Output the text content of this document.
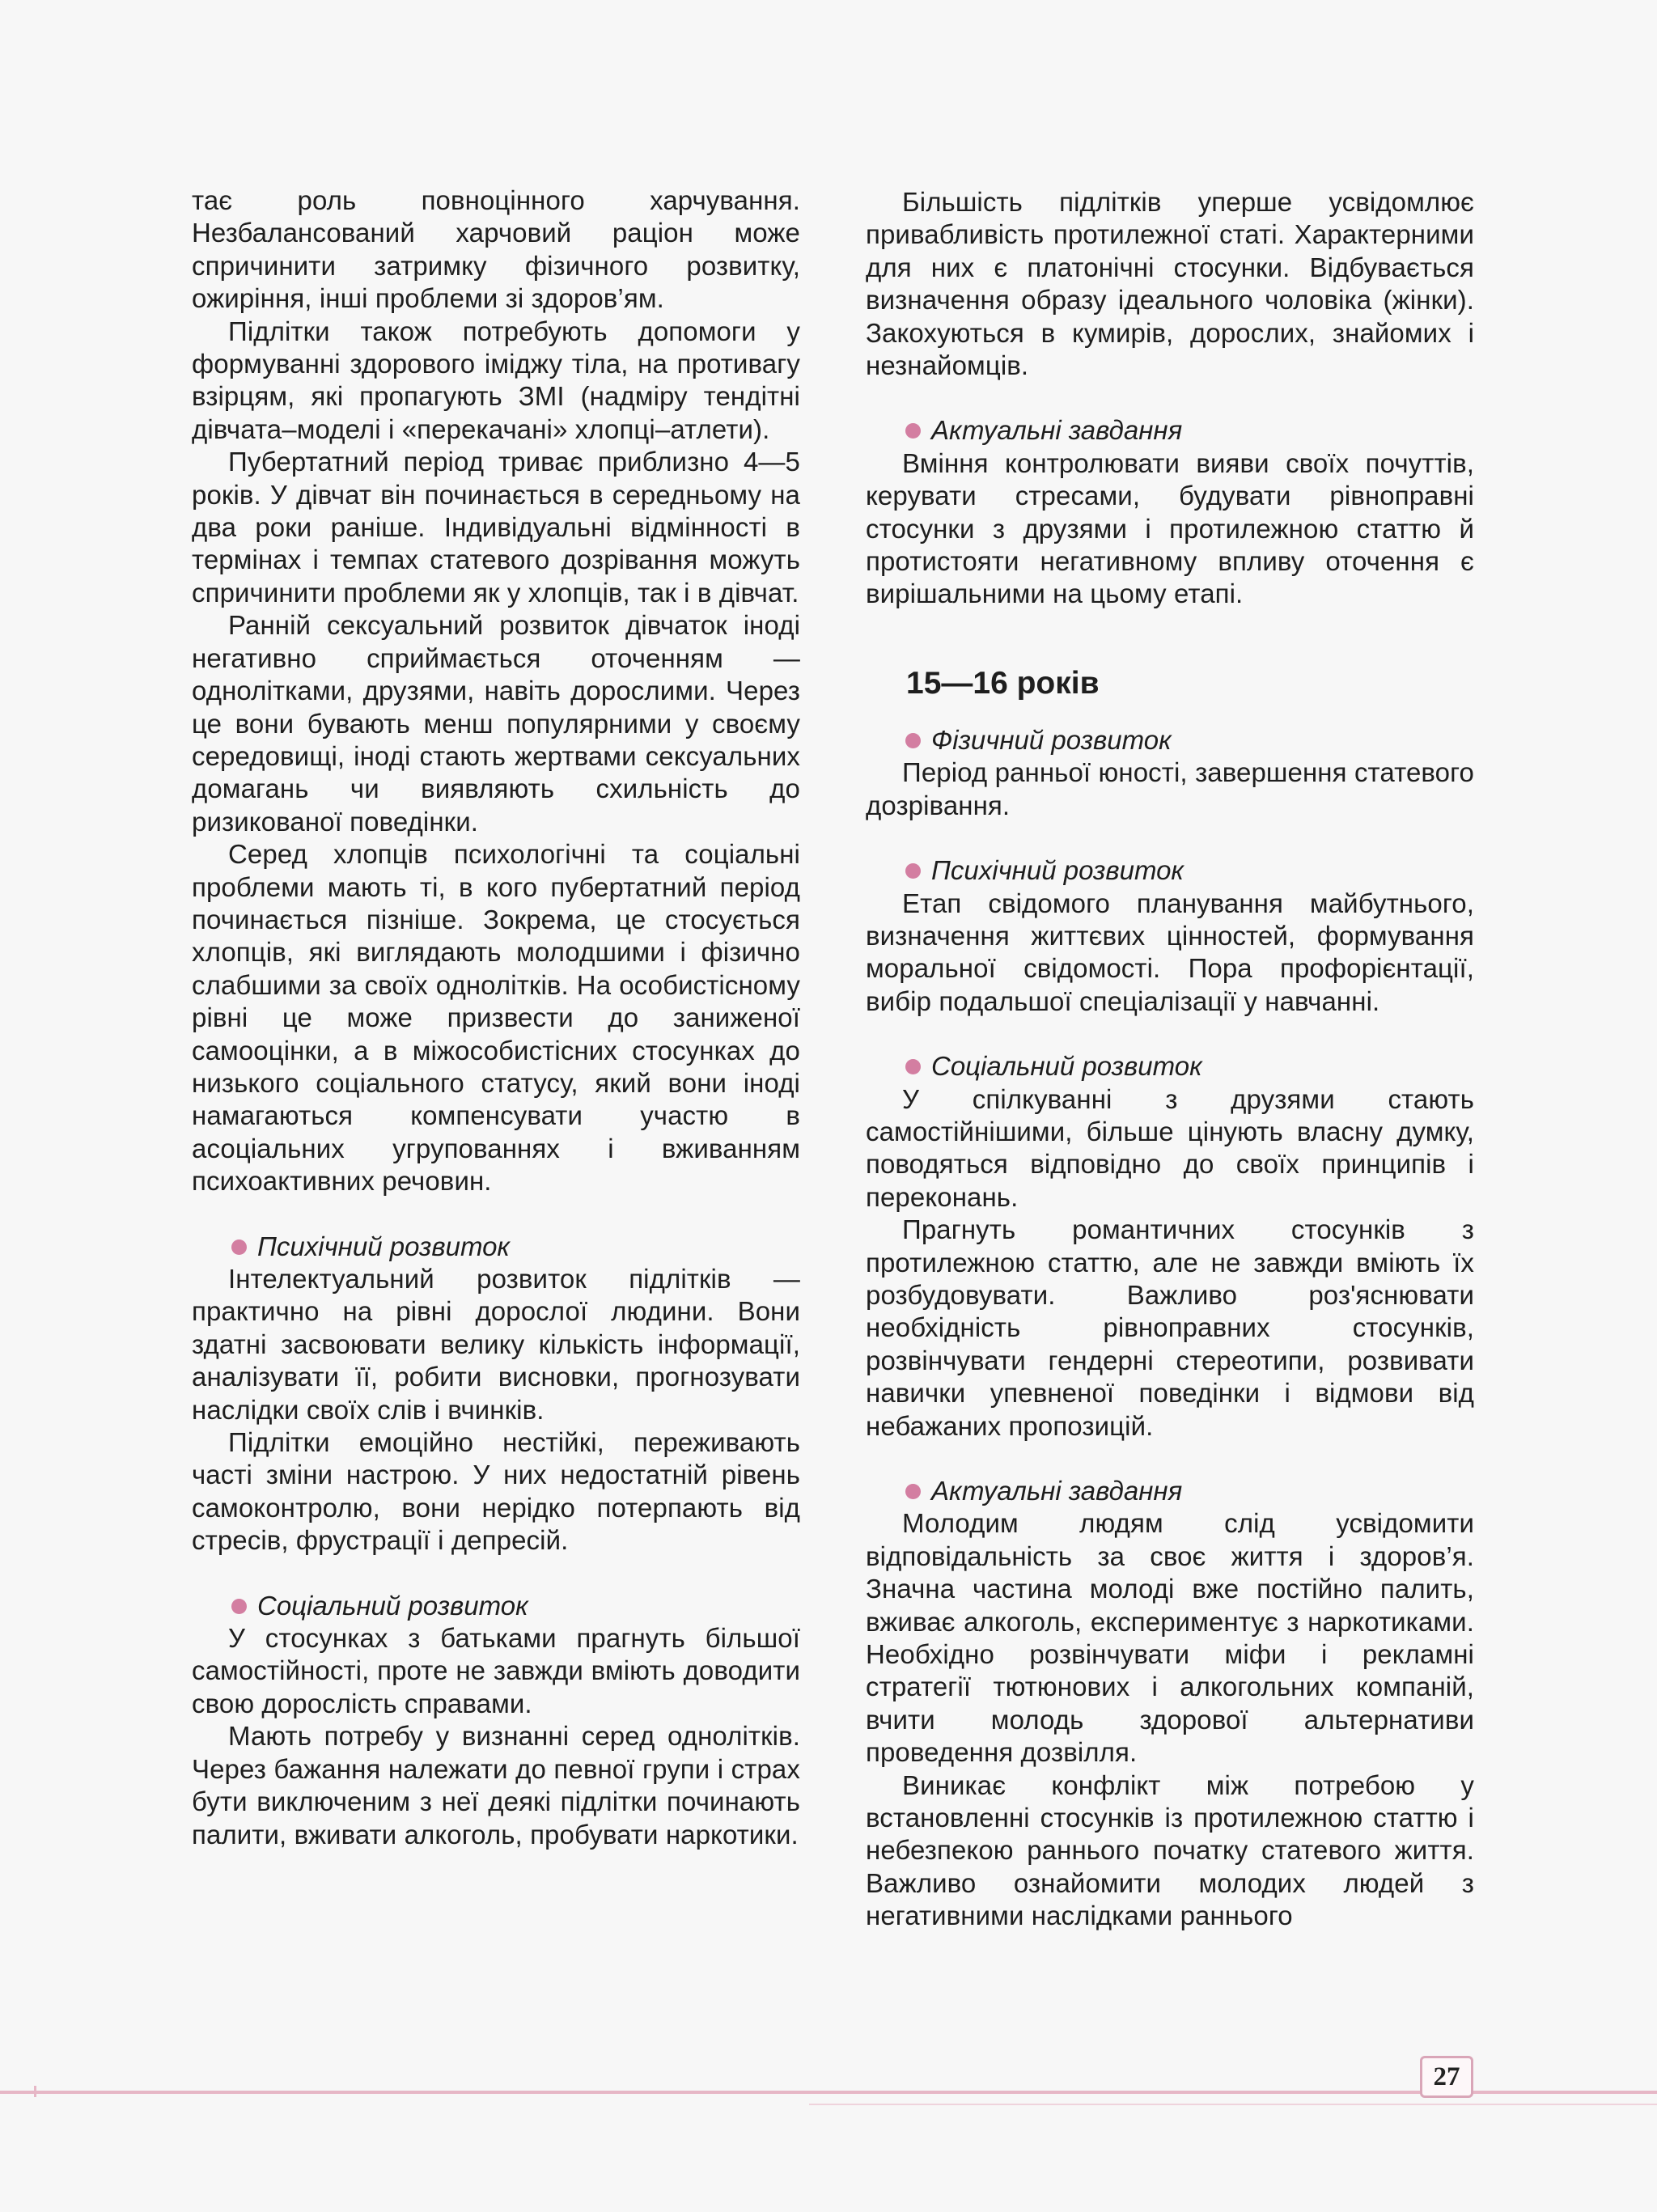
тає роль повноцінного харчування. Незбалансований харчовий раціон може спричинити затримку фізичного розвитку, ожиріння, інші проблеми зі здоров’ям.

Підлітки також потребують допомоги у формуванні здорового іміджу тіла, на противагу взірцям, які пропагують ЗМІ (надміру тендітні дівчата–моделі і «перекачані» хлопці–атлети).

Пубертатний період триває приблизно 4—5 років. У дівчат він починається в середньому на два роки раніше. Індивідуальні відмінності в термінах і темпах статевого дозрівання можуть спричинити проблеми як у хлопців, так і в дівчат.

Ранній сексуальний розвиток дівчаток іноді негативно сприймається оточенням — однолітками, друзями, навіть дорослими. Через це вони бувають менш популярними у своєму середовищі, іноді стають жертвами сексуальних домагань чи виявляють схильність до ризикованої поведінки.

Серед хлопців психологічні та соціальні проблеми мають ті, в кого пубертатний період починається пізніше. Зокрема, це стосується хлопців, які виглядають молодшими і фізично слабшими за своїх однолітків. На особистісному рівні це може призвести до заниженої самооцінки, а в міжособистісних стосунках до низького соціального статусу, який вони іноді намагаються компенсувати участю в асоціальних угрупованнях і вживанням психоактивних речовин.

Психічний розвиток

Інтелектуальний розвиток підлітків — практично на рівні дорослої людини. Вони здатні засвоювати велику кількість інформації, аналізувати її, робити висновки, прогнозувати наслідки своїх слів і вчинків.

Підлітки емоційно нестійкі, переживають часті зміни настрою. У них недостатній рівень самоконтролю, вони нерідко потерпають від стресів, фрустрації і депресій.

Соціальний розвиток

У стосунках з батьками прагнуть більшої самостійності, проте не завжди вміють доводити свою дорослість справами.

Мають потребу у визнанні серед однолітків. Через бажання належати до певної групи і страх бути виключеним з неї деякі підлітки починають палити, вживати алкоголь, пробувати наркотики.

Більшість підлітків уперше усвідомлює привабливість протилежної статі. Характерними для них є платонічні стосунки. Відбувається визначення образу ідеального чоловіка (жінки). Закохуються в кумирів, дорослих, знайомих і незнайомців.

Актуальні завдання

Вміння контролювати вияви своїх почуттів, керувати стресами, будувати рівноправні стосунки з друзями і протилежною статтю й протистояти негативному впливу оточення є вирішальними на цьому етапі.

15—16 років
Фізичний розвиток

Період ранньої юності, завершення статевого дозрівання.

Психічний розвиток

Етап свідомого планування майбутнього, визначення життєвих цінностей, формування моральної свідомості. Пора профорієнтації, вибір подальшої спеціалізації у навчанні.

Соціальний розвиток

У спілкуванні з друзями стають самостійнішими, більше цінують власну думку, поводяться відповідно до своїх принципів і переконань.

Прагнуть романтичних стосунків з протилежною статтю, але не завжди вміють їх розбудовувати. Важливо роз'яснювати необхідність рівноправних стосунків, розвінчувати гендерні стереотипи, розвивати навички упевненої поведінки і відмови від небажаних пропозицій.

Актуальні завдання

Молодим людям слід усвідомити відповідальність за своє життя і здоров’я. Значна частина молоді вже постійно палить, вживає алкоголь, експериментує з наркотиками. Необхідно розвінчувати міфи і рекламні стратегії тютюнових і алкогольних компаній, вчити молодь здорової альтернативи проведення дозвілля.

Виникає конфлікт між потребою у встановленні стосунків із протилежною статтю і небезпекою раннього початку статевого життя. Важливо ознайомити молодих людей з негативними наслідками раннього

27
